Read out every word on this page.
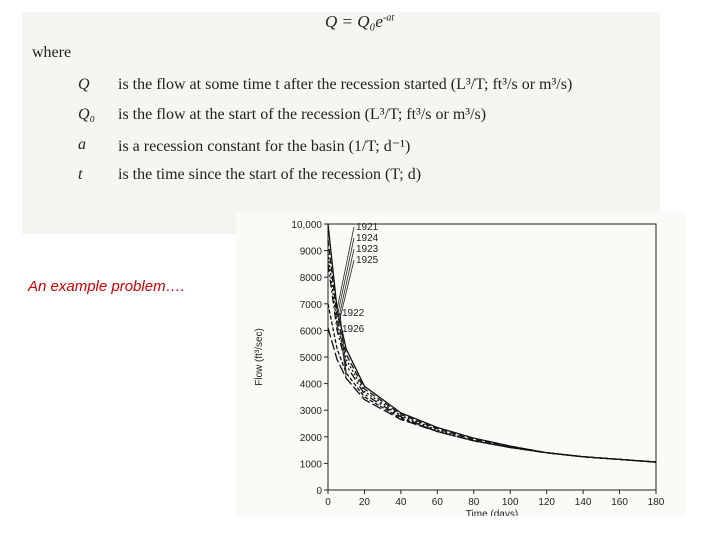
$Q = Q_0e^{-at}$
where
Q is the flow at some time t after the recession started (L³/T; ft³/s or m³/s)
Q₀ is the flow at the start of the recession (L³/T; ft³/s or m³/s)
a is a recession constant for the basin (1/T; d⁻¹)
t is the time since the start of the recession (T; d)
An example problem….
0
1000
2000
3000
4000
5000
6000
7000
8000
9000
10,000
0	20	40	60	80 100 120 140 160 180
Time (days)
Flow (ft³/sec)
1921
1924
1923
1925
1922
1926
